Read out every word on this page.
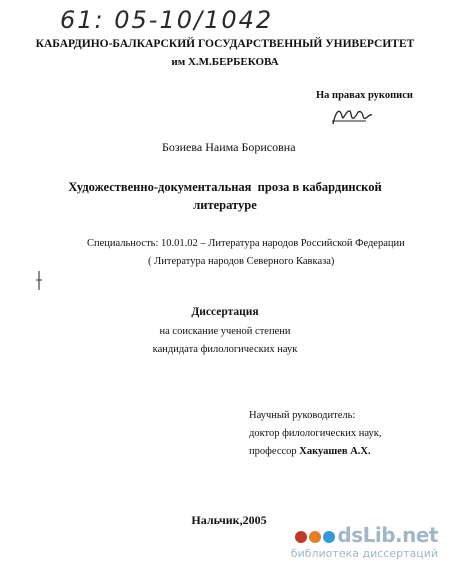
61: 05-10/1042
КАБАРДИНО-БАЛКАРСКИЙ ГОСУДАРСТВЕННЫЙ УНИВЕРСИТЕТ
им Х.М.БЕРБЕКОВА
На правах рукописи
Бозиева Наима Борисовна
Художественно-документальная  проза в кабардинской
литературе
Специальность: 10.01.02 – Литература народов Российской Федерации
( Литература народов Северного Кавказа)
Диссертация
на соискание ученой степени
кандидата филологических наук
Научный руководитель:
доктор филологических наук,
профессор Хакуашев А.Х.
Нальчик,2005
dsLib.net
библиотека диссертаций
